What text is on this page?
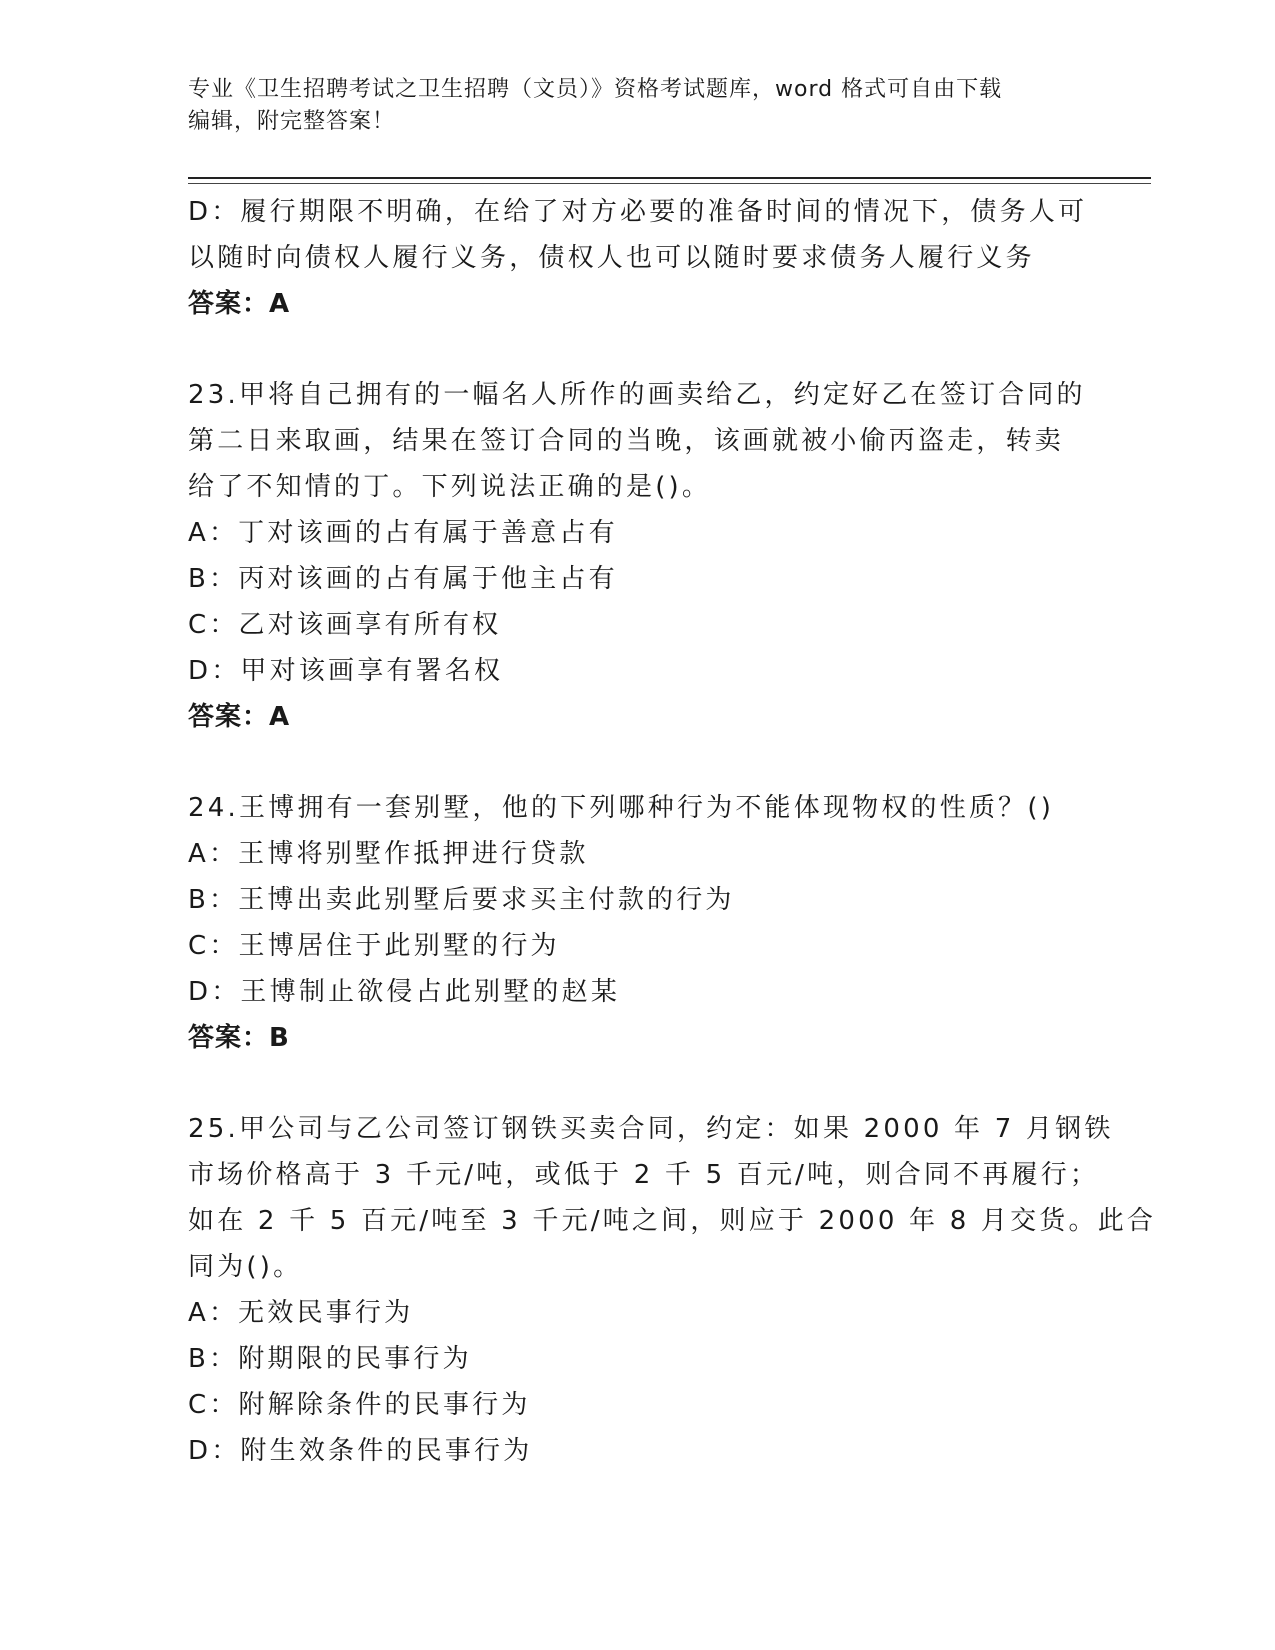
专业《卫生招聘考试之卫生招聘（文员）》资格考试题库，word 格式可自由下载
编辑，附完整答案！
D：履行期限不明确，在给了对方必要的准备时间的情况下，债务人可
以随时向债权人履行义务，债权人也可以随时要求债务人履行义务
答案：A
23.甲将自己拥有的一幅名人所作的画卖给乙，约定好乙在签订合同的
第二日来取画，结果在签订合同的当晚，该画就被小偷丙盗走，转卖
给了不知情的丁。下列说法正确的是()。
A：丁对该画的占有属于善意占有
B：丙对该画的占有属于他主占有
C：乙对该画享有所有权
D：甲对该画享有署名权
答案：A
24.王博拥有一套别墅，他的下列哪种行为不能体现物权的性质？()
A：王博将别墅作抵押进行贷款
B：王博出卖此别墅后要求买主付款的行为
C：王博居住于此别墅的行为
D：王博制止欲侵占此别墅的赵某
答案：B
25.甲公司与乙公司签订钢铁买卖合同，约定：如果 2000 年 7 月钢铁
市场价格高于 3 千元/吨，或低于 2 千 5 百元/吨，则合同不再履行；
如在 2 千 5 百元/吨至 3 千元/吨之间，则应于 2000 年 8 月交货。此合
同为()。
A：无效民事行为
B：附期限的民事行为
C：附解除条件的民事行为
D：附生效条件的民事行为
